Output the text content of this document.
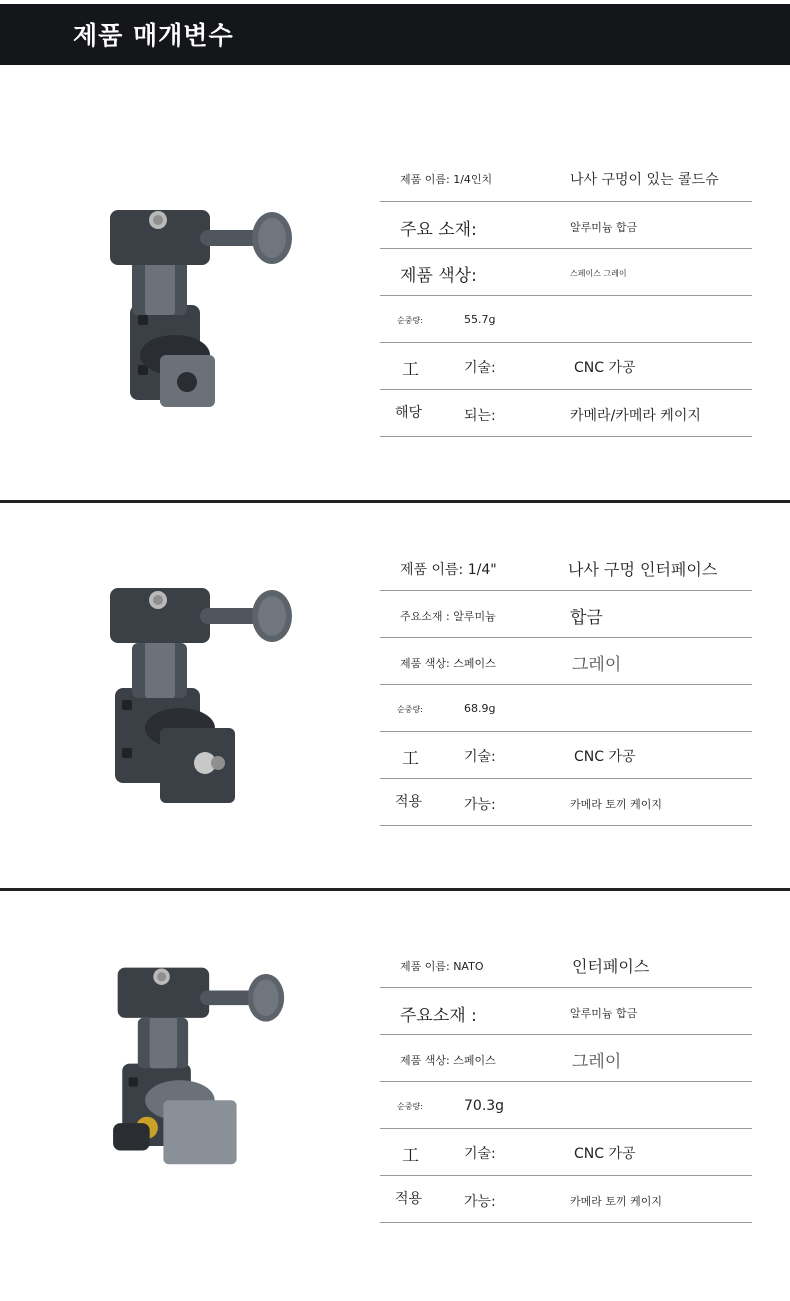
제품 매개변수
제품 이름: 1/4인치	나사 구멍이 있는 콜드슈
주요 소재:	알루미늄 합금
제품 색상:	스페이스 그레이
순중량:	55.7g
工	기술:	CNC 가공
해당	되는:	카메라/카메라 케이지
제품 이름: 1/4"	나사 구멍 인터페이스
주요소재 : 알루미늄	합금
제품 색상: 스페이스	그레이
순중량:	68.9g
工	기술:	CNC 가공
적용	가능:	카메라 토끼 케이지
제품 이름: NATO	인터페이스
주요소재 :	알루미늄 합금
제품 색상: 스페이스	그레이
순중량:	70.3g
工	기술:	CNC 가공
적용	가능:	카메라 토끼 케이지
